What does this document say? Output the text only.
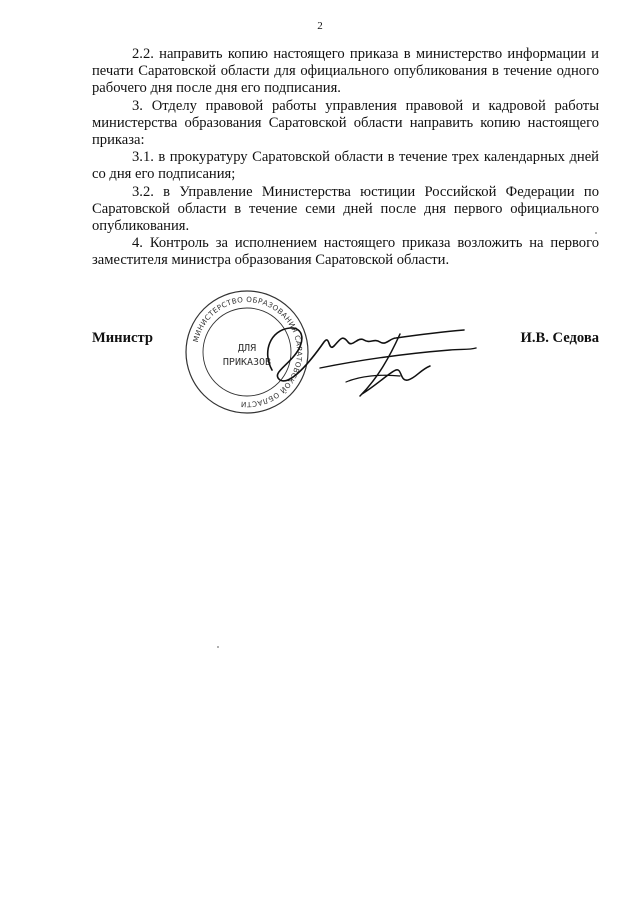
2

2.2. направить копию настоящего приказа в министерство информации и печати Саратовской области для официального опубликования в течение одного рабочего дня после дня его подписания.

3. Отделу правовой работы управления правовой и кадровой работы министерства образования Саратовской области направить копию настоящего приказа:

3.1. в прокуратуру Саратовской области в течение трех календарных дней со дня его подписания;

3.2. в Управление Министерства юстиции Российской Федерации по Саратовской области в течение семи дней после дня первого официального опубликования.

4. Контроль за исполнением настоящего приказа возложить на первого заместителя министра образования Саратовской области.

Министр	И.В. Седова
МИНИСТЕРСТВО ОБРАЗОВАНИЯ САРАТОВСКОЙ ОБЛАСТИ
ДЛЯ
ПРИКАЗОВ
